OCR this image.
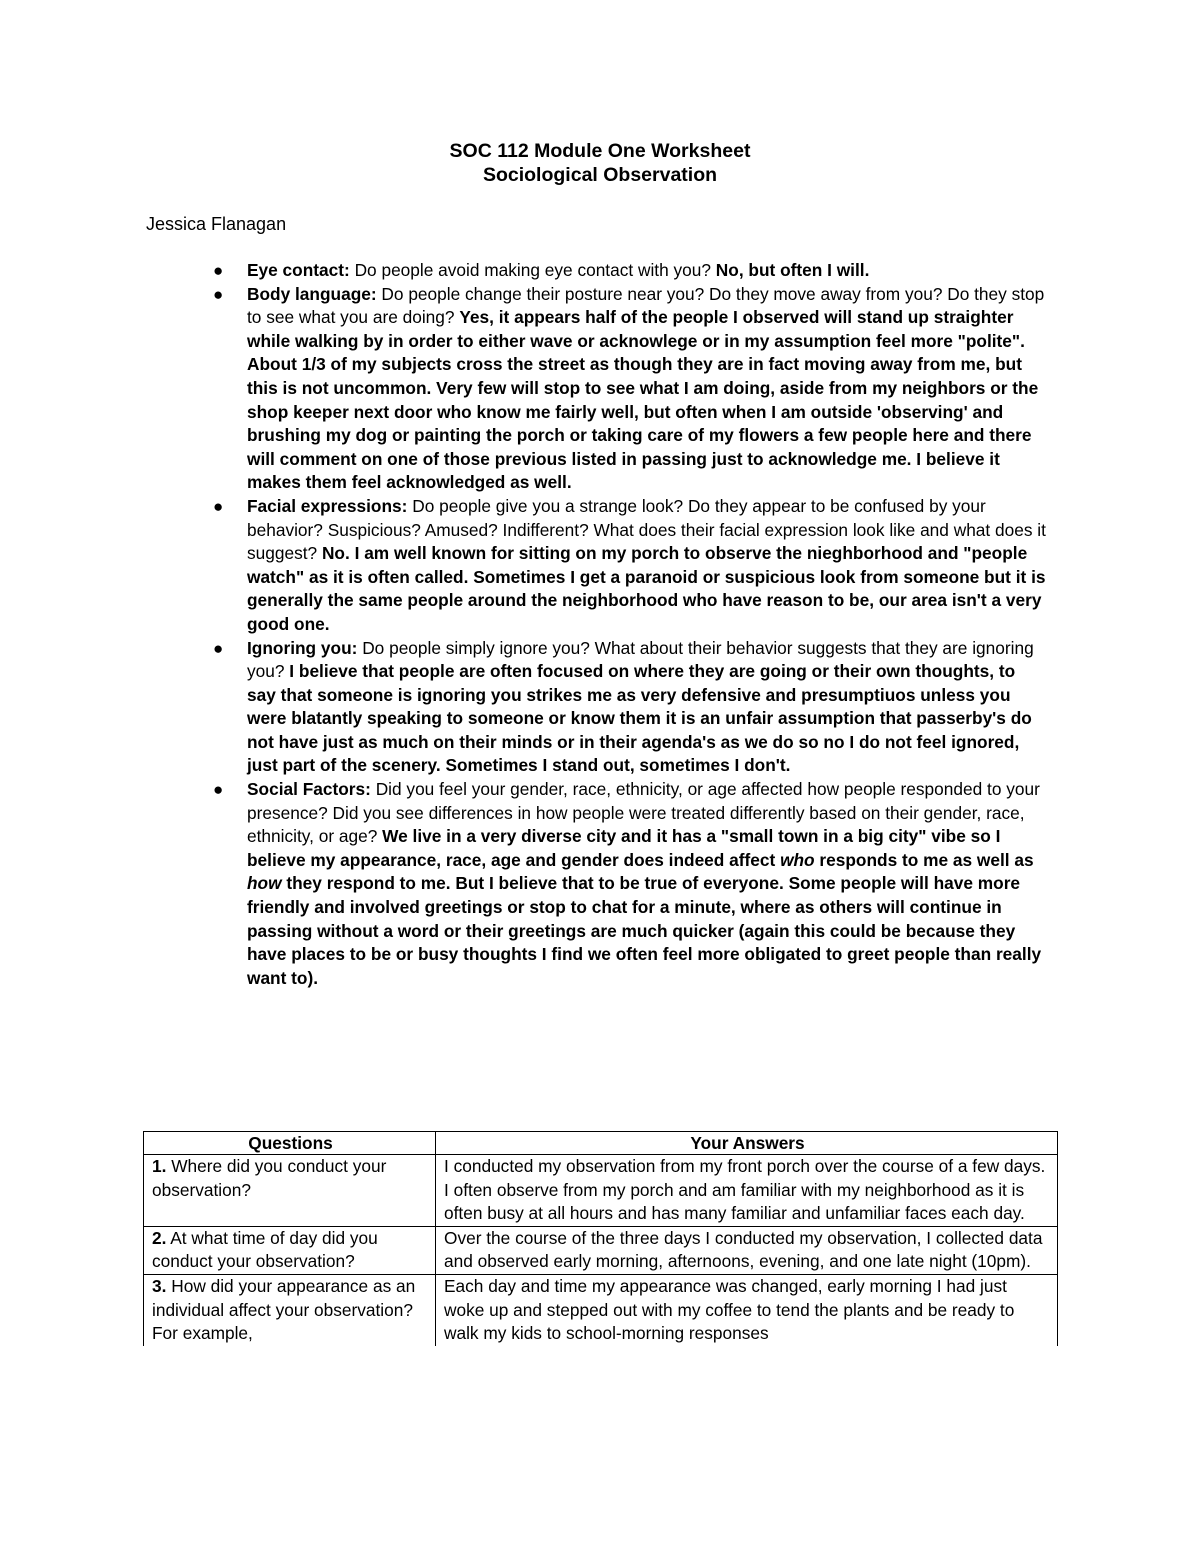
SOC 112 Module One Worksheet
Sociological Observation
Jessica Flanagan
● Eye contact: Do people avoid making eye contact with you? No, but often I will.
● Body language: Do people change their posture near you? Do they move away from you? Do they stop to see what you are doing? Yes, it appears half of the people I observed will stand up straighter while walking by in order to either wave or acknowlege or in my assumption feel more "polite". About 1/3 of my subjects cross the street as though they are in fact moving away from me, but this is not uncommon. Very few will stop to see what I am doing, aside from my neighbors or the shop keeper next door who know me fairly well, but often when I am outside 'observing' and brushing my dog or painting the porch or taking care of my flowers a few people here and there will comment on one of those previous listed in passing just to acknowledge me. I believe it makes them feel acknowledged as well.
● Facial expressions: Do people give you a strange look? Do they appear to be confused by your behavior? Suspicious? Amused? Indifferent? What does their facial expression look like and what does it suggest? No. I am well known for sitting on my porch to observe the nieghborhood and "people watch" as it is often called. Sometimes I get a paranoid or suspicious look from someone but it is generally the same people around the neighborhood who have reason to be, our area isn't a very good one.
● Ignoring you: Do people simply ignore you? What about their behavior suggests that they are ignoring you? I believe that people are often focused on where they are going or their own thoughts, to say that someone is ignoring you strikes me as very defensive and presumptiuos unless you were blatantly speaking to someone or know them it is an unfair assumption that passerby's do not have just as much on their minds or in their agenda's as we do so no I do not feel ignored, just part of the scenery. Sometimes I stand out, sometimes I don't.
● Social Factors: Did you feel your gender, race, ethnicity, or age affected how people responded to your presence? Did you see differences in how people were treated differently based on their gender, race, ethnicity, or age? We live in a very diverse city and it has a "small town in a big city" vibe so I believe my appearance, race, age and gender does indeed affect who responds to me as well as how they respond to me. But I believe that to be true of everyone. Some people will have more friendly and involved greetings or stop to chat for a minute, where as others will continue in passing without a word or their greetings are much quicker (again this could be because they have places to be or busy thoughts I find we often feel more obligated to greet people than really want to).
Questions	Your Answers
1. Where did you conduct your observation?	I conducted my observation from my front porch over the course of a few days. I often observe from my porch and am familiar with my neighborhood as it is often busy at all hours and has many familiar and unfamiliar faces each day.
2. At what time of day did you conduct your observation?	Over the course of the three days I conducted my observation, I collected data and observed early morning, afternoons, evening, and one late night (10pm).
3. How did your appearance as an individual affect your observation? For example,	Each day and time my appearance was changed, early morning I had just woke up and stepped out with my coffee to tend the plants and be ready to walk my kids to school-morning responses
